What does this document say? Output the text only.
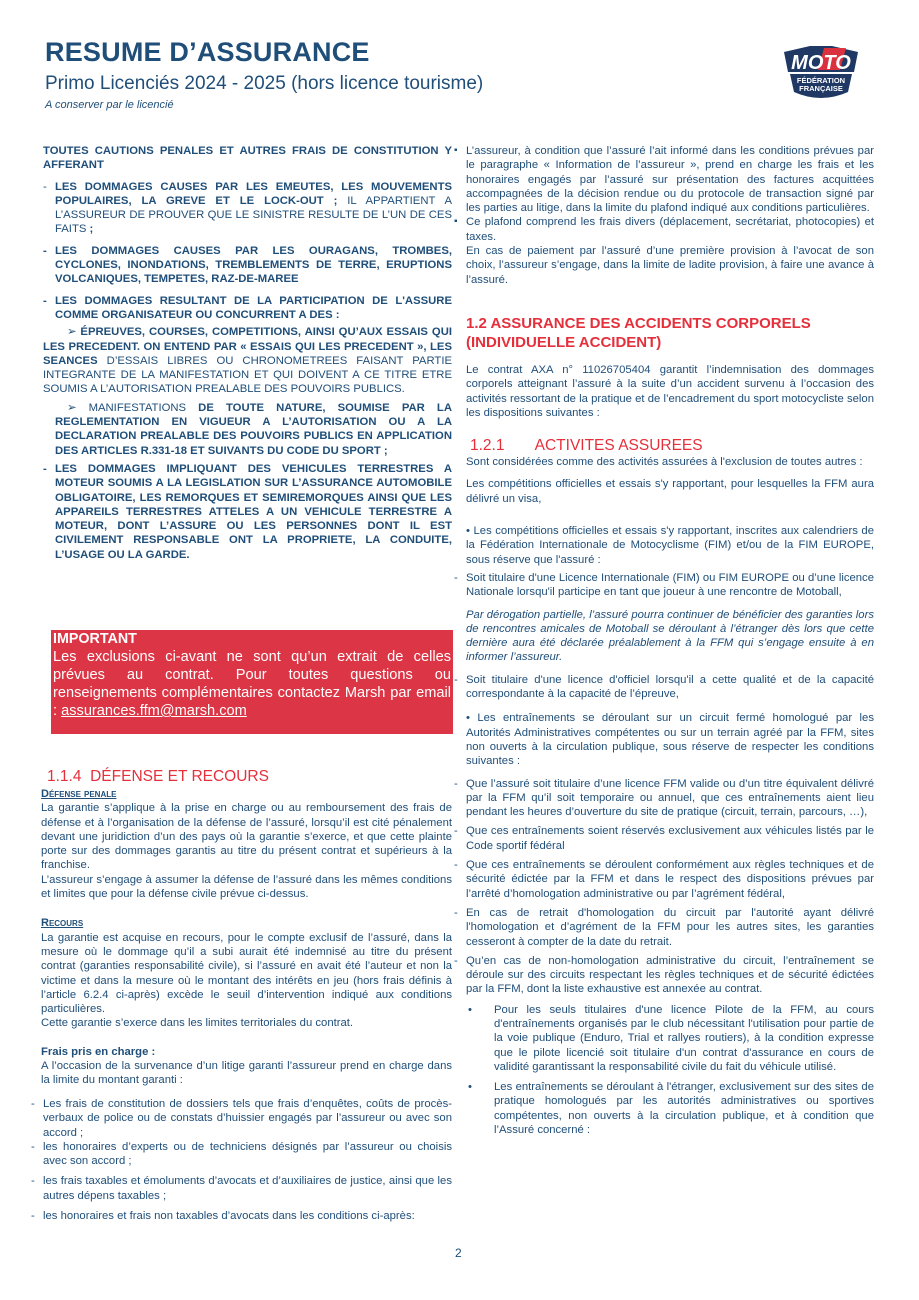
RESUME D’ASSURANCE
Primo Licenciés 2024 - 2025 (hors licence tourisme)
A conserver par le licencié
MOTO
FÉDÉRATION
FRANÇAISE

TOUTES CAUTIONS PENALES ET AUTRES FRAIS DE CONSTITUTION Y AFFERANT

- LES DOMMAGES CAUSES PAR LES EMEUTES, LES MOUVEMENTS POPULAIRES, LA GREVE ET LE LOCK-OUT ; IL APPARTIENT A L’ASSUREUR DE PROUVER QUE LE SINISTRE RESULTE DE L’UN DE CES FAITS ;

- LES DOMMAGES CAUSES PAR LES OURAGANS, TROMBES, CYCLONES, INONDATIONS, TREMBLEMENTS DE TERRE, ERUPTIONS VOLCANIQUES, TEMPETES, RAZ-DE-MAREE

- LES DOMMAGES RESULTANT DE LA PARTICIPATION DE L'ASSURE COMME ORGANISATEUR OU CONCURRENT A DES :

➢ ÉPREUVES, COURSES, COMPETITIONS, AINSI QU’AUX ESSAIS QUI LES PRECEDENT. ON ENTEND PAR « ESSAIS QUI LES PRECEDENT », LES SEANCES D’ESSAIS LIBRES OU CHRONOMETREES FAISANT PARTIE INTEGRANTE DE LA MANIFESTATION ET QUI DOIVENT A CE TITRE ETRE SOUMIS A L’AUTORISATION PREALABLE DES POUVOIRS PUBLICS.

➢ MANIFESTATIONS DE TOUTE NATURE, SOUMISE PAR LA REGLEMENTATION EN VIGUEUR A L’AUTORISATION OU A LA DECLARATION PREALABLE DES POUVOIRS PUBLICS EN APPLICATION DES ARTICLES R.331-18 ET SUIVANTS DU CODE DU SPORT ;

- LES DOMMAGES IMPLIQUANT DES VEHICULES TERRESTRES A MOTEUR SOUMIS A LA LEGISLATION SUR L’ASSURANCE AUTOMOBILE OBLIGATOIRE, LES REMORQUES ET SEMIREMORQUES AINSI QUE LES APPAREILS TERRESTRES ATTELES A UN VEHICULE TERRESTRE A MOTEUR, DONT L’ASSURE OU LES PERSONNES DONT IL EST CIVILEMENT RESPONSABLE ONT LA PROPRIETE, LA CONDUITE, L’USAGE OU LA GARDE.

IMPORTANT
Les exclusions ci-avant ne sont qu’un extrait de celles prévues au contrat. Pour toutes questions ou renseignements complémentaires contactez Marsh par email : assurances.ffm@marsh.com
1.1.4 DÉFENSE ET RECOURS
Défense penale

La garantie s’applique à la prise en charge ou au remboursement des frais de défense et à l’organisation de la défense de l’assuré, lorsqu’il est cité pénalement devant une juridiction d’un des pays où la garantie s’exerce, et que cette plainte porte sur des dommages garantis au titre du présent contrat et supérieurs à la franchise.

L’assureur s’engage à assumer la défense de l’assuré dans les mêmes conditions et limites que pour la défense civile prévue ci-dessus.

Recours

La garantie est acquise en recours, pour le compte exclusif de l’assuré, dans la mesure où le dommage qu’il a subi aurait été indemnisé au titre du présent contrat (garanties responsabilité civile), si l’assuré en avait été l’auteur et non la victime et dans la mesure où le montant des intérêts en jeu (hors frais définis à l’article 6.2.4 ci-après) excède le seuil d’intervention indiqué aux conditions particulières.

Cette garantie s’exerce dans les limites territoriales du contrat.

Frais pris en charge :

A l’occasion de la survenance d’un litige garanti l’assureur prend en charge dans la limite du montant garanti :

- Les frais de constitution de dossiers tels que frais d’enquêtes, coûts de procès-verbaux de police ou de constats d’huissier engagés par l’assureur ou avec son accord ;

- les honoraires d’experts ou de techniciens désignés par l’assureur ou choisis avec son accord ;

- les frais taxables et émoluments d’avocats et d’auxiliaires de justice, ainsi que les autres dépens taxables ;

- les honoraires et frais non taxables d’avocats dans les conditions ci-après:

▪ L’assureur, à condition que l’assuré l’ait informé dans les conditions prévues par le paragraphe « Information de l’assureur », prend en charge les frais et les honoraires engagés par l’assuré sur présentation des factures acquittées accompagnées de la décision rendue ou du protocole de transaction signé par les parties au litige, dans la limite du plafond indiqué aux conditions particulières.

▪ Ce plafond comprend les frais divers (déplacement, secrétariat, photocopies) et taxes.

En cas de paiement par l’assuré d’une première provision à l’avocat de son choix, l’assureur s’engage, dans la limite de ladite provision, à faire une avance à l’assuré.

1.2 ASSURANCE DES ACCIDENTS CORPORELS (INDIVIDUELLE ACCIDENT)

Le contrat AXA n° 11026705404 garantit l’indemnisation des dommages corporels atteignant l’assuré à la suite d’un accident survenu à l’occasion des activités ressortant de la pratique et de l’encadrement du sport motocycliste selon les dispositions suivantes :

1.2.1 ACTIVITES ASSUREES

Sont considérées comme des activités assurées à l'exclusion de toutes autres :

Les compétitions officielles et essais s'y rapportant, pour lesquelles la FFM aura délivré un visa,

• Les compétitions officielles et essais s'y rapportant, inscrites aux calendriers de la Fédération Internationale de Motocyclisme (FIM) et/ou de la FIM EUROPE, sous réserve que l'assuré :

- Soit titulaire d'une Licence Internationale (FIM) ou FIM EUROPE ou d’une licence Nationale lorsqu'il participe en tant que joueur à une rencontre de Motoball,

Par dérogation partielle, l’assuré pourra continuer de bénéficier des garanties lors de rencontres amicales de Motoball se déroulant à l’étranger dès lors que cette dernière aura été déclarée préalablement à la FFM qui s’engage ensuite à en informer l’assureur.

- Soit titulaire d'une licence d'officiel lorsqu'il a cette qualité et de la capacité correspondante à la capacité de l’épreuve,

• Les entraînements se déroulant sur un circuit fermé homologué par les Autorités Administratives compétentes ou sur un terrain agréé par la FFM, sites non ouverts à la circulation publique, sous réserve de respecter les conditions suivantes :

- Que l’assuré soit titulaire d’une licence FFM valide ou d’un titre équivalent délivré par la FFM qu’il soit temporaire ou annuel, que ces entraînements aient lieu pendant les heures d’ouverture du site de pratique (circuit, terrain, parcours, …),

- Que ces entraînements soient réservés exclusivement aux véhicules listés par le Code sportif fédéral

- Que ces entraînements se déroulent conformément aux règles techniques et de sécurité édictée par la FFM et dans le respect des dispositions prévues par l’arrêté d’homologation administrative ou par l’agrément fédéral,

- En cas de retrait d'homologation du circuit par l'autorité ayant délivré l'homologation et d’agrément de la FFM pour les autres sites, les garanties cesseront à compter de la date du retrait.

- Qu’en cas de non-homologation administrative du circuit, l’entraînement se déroule sur des circuits respectant les règles techniques et de sécurité édictées par la FFM, dont la liste exhaustive est annexée au contrat.

• Pour les seuls titulaires d'une licence Pilote de la FFM, au cours d'entraînements organisés par le club nécessitant l'utilisation pour partie de la voie publique (Enduro, Trial et rallyes routiers), à la condition expresse que le pilote licencié soit titulaire d'un contrat d'assurance en cours de validité garantissant la responsabilité civile du fait du véhicule utilisé.

• Les entraînements se déroulant à l'étranger, exclusivement sur des sites de pratique homologués par les autorités administratives ou sportives compétentes, non ouverts à la circulation publique, et à condition que l’Assuré concerné :

2
